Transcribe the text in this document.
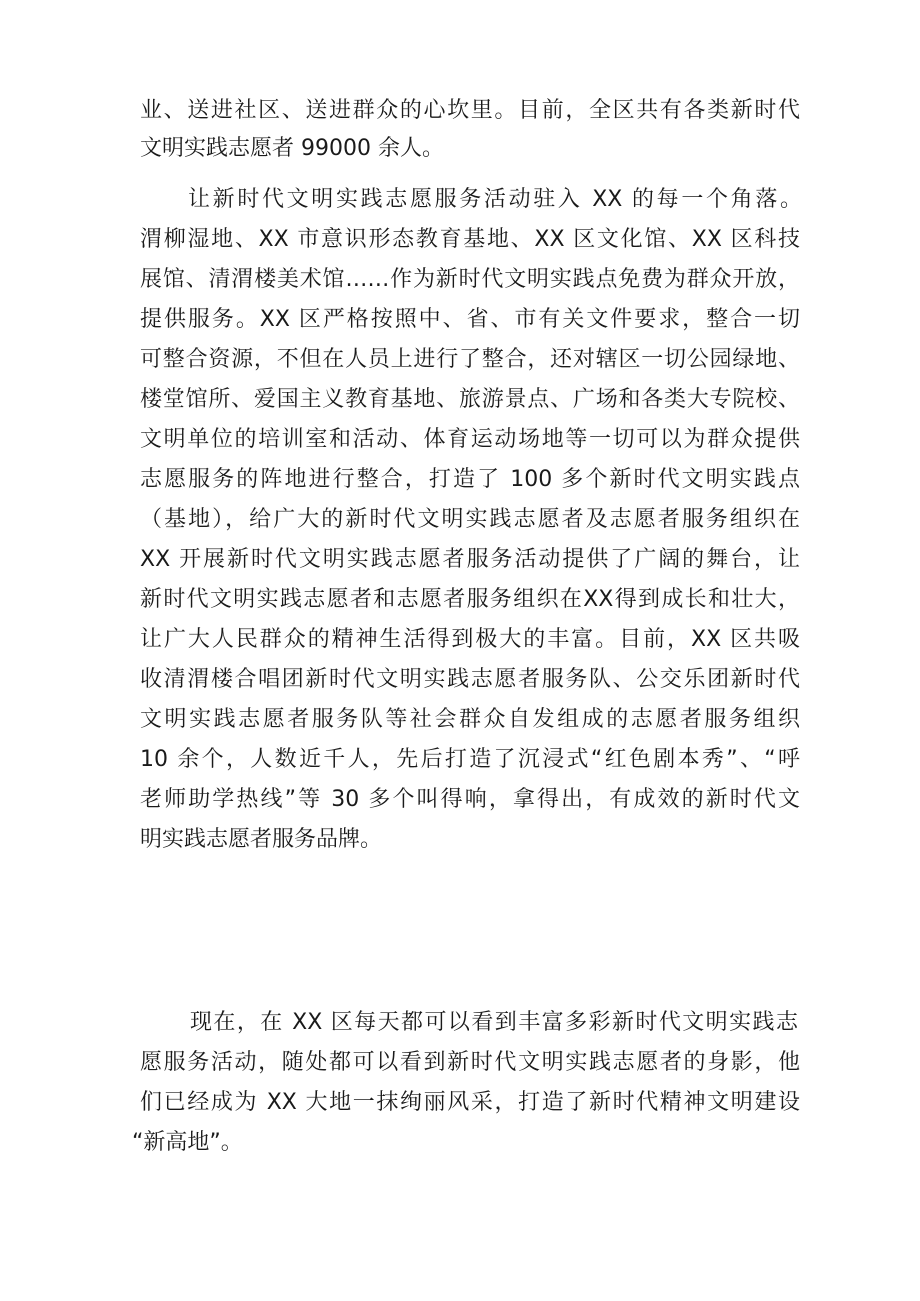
业、送进社区、送进群众的心坎里。目前，全区共有各类新时代
文明实践志愿者 99000 余人。
让新时代文明实践志愿服务活动驻入 XX 的每一个角落。
渭柳湿地、XX 市意识形态教育基地、XX 区文化馆、XX 区科技
展馆、清渭楼美术馆……作为新时代文明实践点免费为群众开放，
提供服务。XX 区严格按照中、省、市有关文件要求，整合一切
可整合资源，不但在人员上进行了整合，还对辖区一切公园绿地、
楼堂馆所、爱国主义教育基地、旅游景点、广场和各类大专院校、
文明单位的培训室和活动、体育运动场地等一切可以为群众提供
志愿服务的阵地进行整合，打造了 100 多个新时代文明实践点
（基地），给广大的新时代文明实践志愿者及志愿者服务组织在
XX 开展新时代文明实践志愿者服务活动提供了广阔的舞台，让
新时代文明实践志愿者和志愿者服务组织在XX得到成长和壮大，
让广大人民群众的精神生活得到极大的丰富。目前，XX 区共吸
收清渭楼合唱团新时代文明实践志愿者服务队、公交乐团新时代
文明实践志愿者服务队等社会群众自发组成的志愿者服务组织
10 余个，人数近千人，先后打造了沉浸式“红色剧本秀”、“呼
老师助学热线”等 30 多个叫得响，拿得出，有成效的新时代文
明实践志愿者服务品牌。
现在，在 XX 区每天都可以看到丰富多彩新时代文明实践志
愿服务活动，随处都可以看到新时代文明实践志愿者的身影，他
们已经成为 XX 大地一抹绚丽风采，打造了新时代精神文明建设
“新高地”。
